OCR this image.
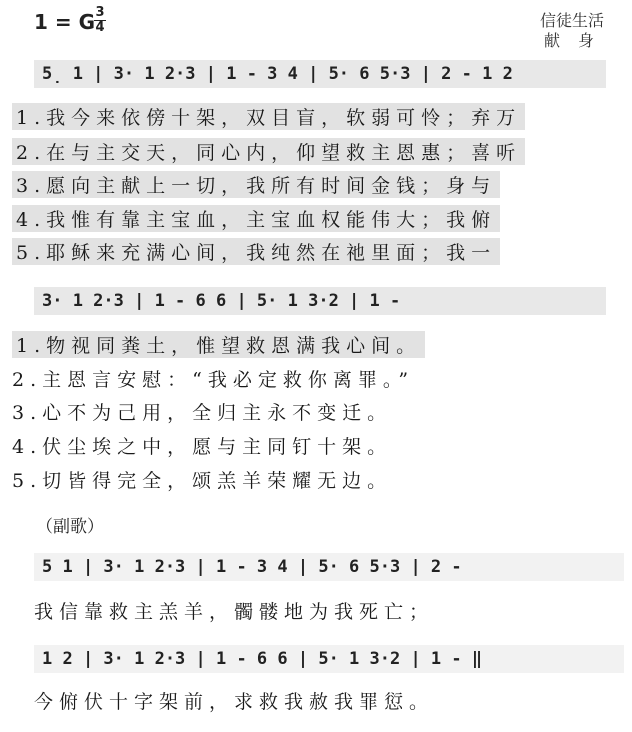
1 = G 3
4	信徒生活
献身

5̣ 1 | 3· 1 2·3 | 1 - 3 4 | 5· 6 5·3 | 2 - 1 2
1.我今来依傍十架，双目盲，软弱可怜；弃万
2.在与主交天，同心内，仰望救主恩惠；喜听
3.愿向主献上一切，我所有时间金钱；身与
4.我惟有靠主宝血，主宝血权能伟大；我俯
5.耶稣来充满心间，我纯然在祂里面；我一
3· 1 2·3 | 1 - 6 6 | 5· 1 3·2 | 1 -
1.物视同粪土，惟望救恩满我心间。
2.主恩言安慰：“我必定救你离罪。”
3.心不为己用，全归主永不变迁。
4.伏尘埃之中，愿与主同钉十架。
5.切皆得完全，颂羔羊荣耀无边。
（副歌）
5 1 | 3· 1 2·3 | 1 - 3 4 | 5· 6 5·3 | 2 -
我信靠救主羔羊，髑髅地为我死亡；
1 2 | 3· 1 2·3 | 1 - 6 6 | 5· 1 3·2 | 1 - ‖
今俯伏十字架前，求救我赦我罪愆。
